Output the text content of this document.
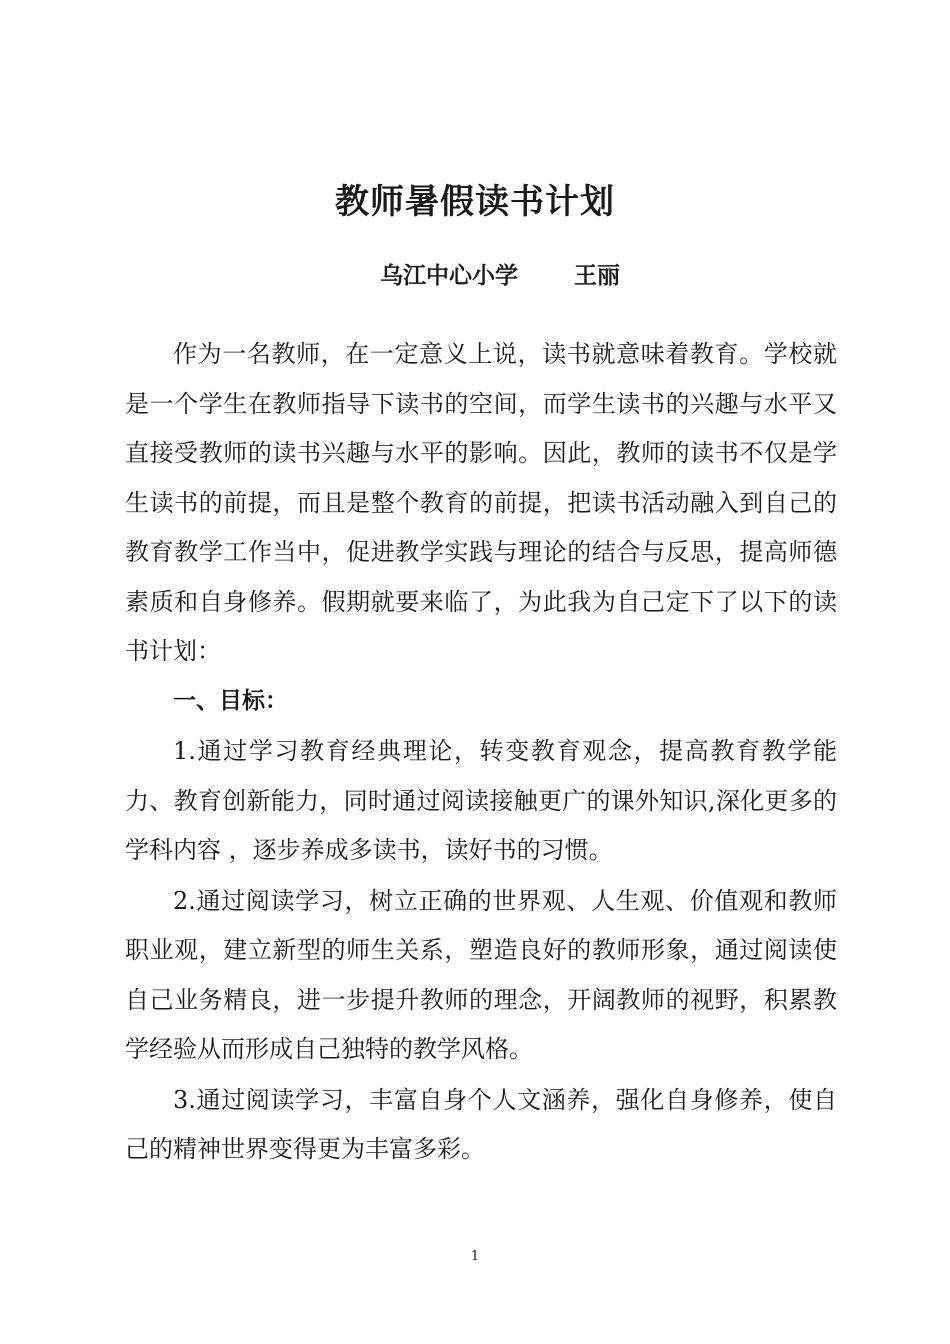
教师暑假读书计划
乌江中心小学 王丽

作为一名教师，在一定意义上说，读书就意味着教育。学校就是一个学生在教师指导下读书的空间，而学生读书的兴趣与水平又直接受教师的读书兴趣与水平的影响。因此，教师的读书不仅是学生读书的前提，而且是整个教育的前提，把读书活动融入到自己的教育教学工作当中，促进教学实践与理论的结合与反思，提高师德素质和自身修养。假期就要来临了，为此我为自己定下了以下的读书计划：

一、目标：

1.通过学习教育经典理论，转变教育观念，提高教育教学能力、教育创新能力，同时通过阅读接触更广的课外知识,深化更多的学科内容 ，逐步养成多读书，读好书的习惯。

2.通过阅读学习，树立正确的世界观、人生观、价值观和教师职业观，建立新型的师生关系，塑造良好的教师形象，通过阅读使自己业务精良，进一步提升教师的理念，开阔教师的视野，积累教学经验从而形成自己独特的教学风格。

3.通过阅读学习，丰富自身个人文涵养，强化自身修养，使自己的精神世界变得更为丰富多彩。

1
